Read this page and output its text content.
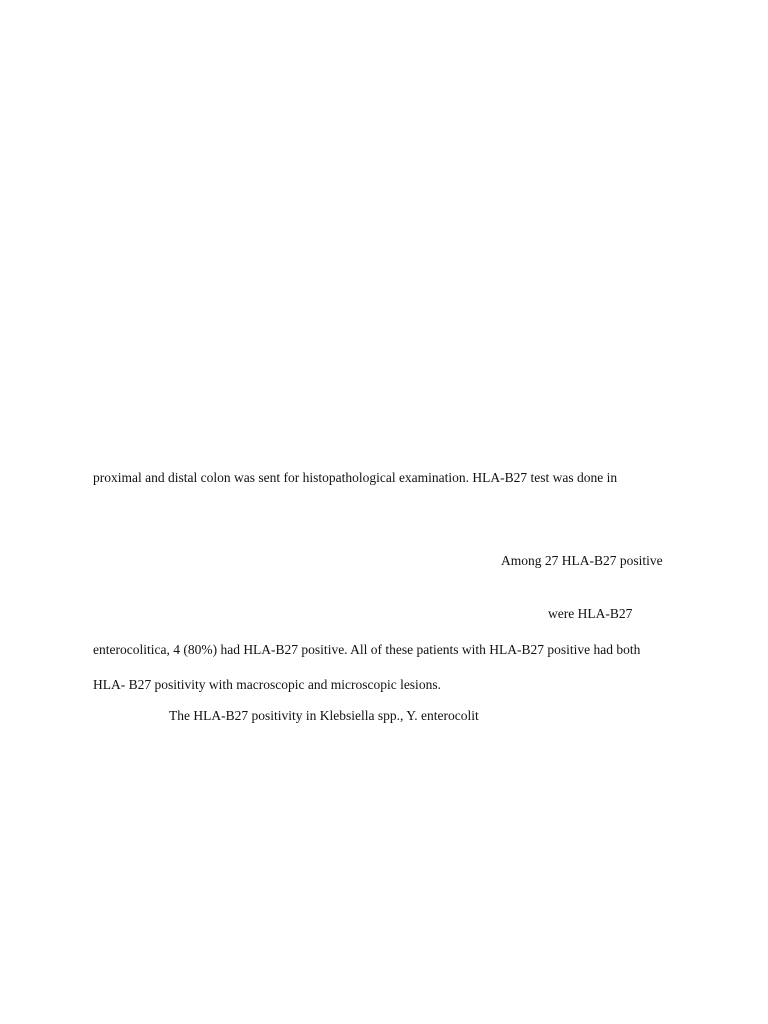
proximal and distal colon was sent for histopathological examination. HLA-B27 test was done in
Among 27 HLA-B27 positive
were HLA-B27
enterocolitica, 4 (80%) had HLA-B27 positive. All of these patients with HLA-B27 positive had both
HLA- B27 positivity with macroscopic and microscopic lesions.
The HLA-B27 positivity in Klebsiella spp., Y. enterocolit
